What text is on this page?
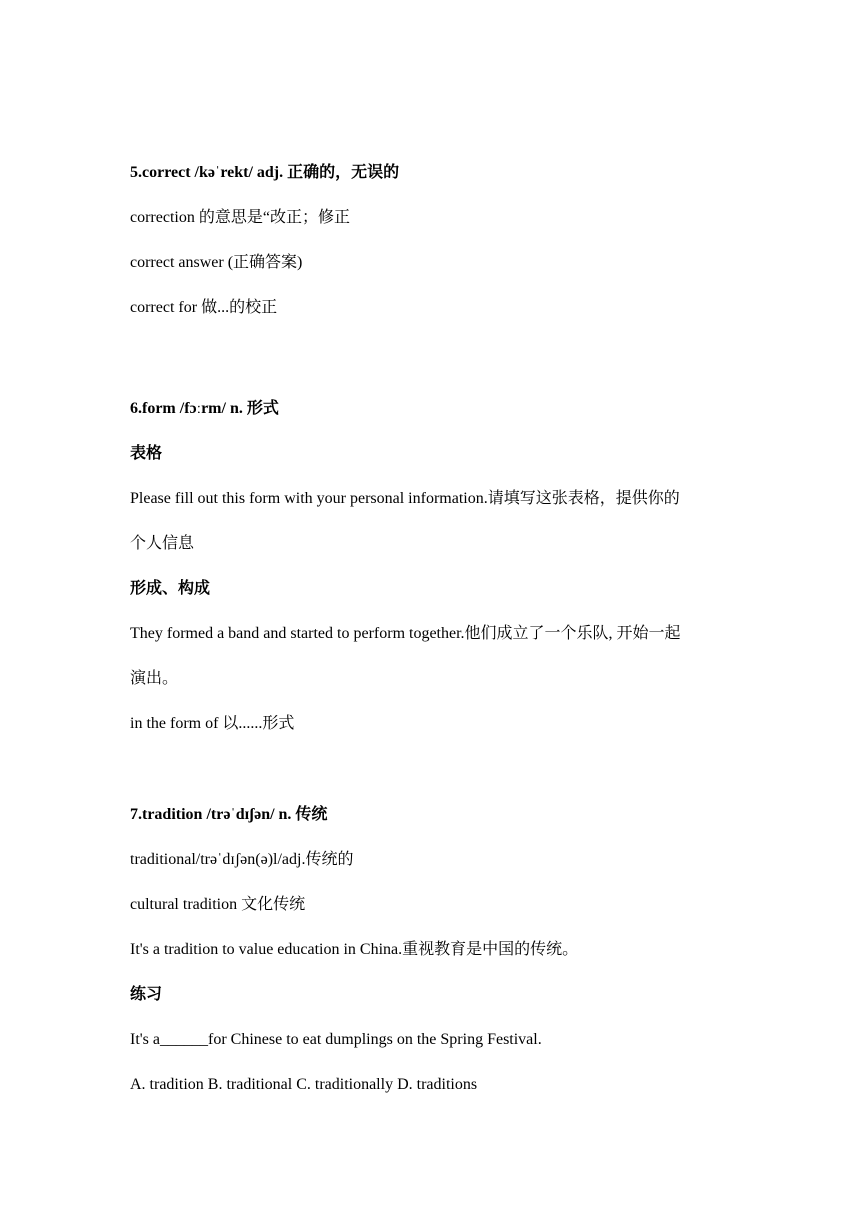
5.correct /kəˈrekt/ adj. 正确的，无误的
correction 的意思是“改正；修正
correct answer (正确答案)
correct for 做...的校正
6.form /fɔːrm/ n. 形式
表格
Please fill out this form with your personal information.请填写这张表格，提供你的
个人信息
形成、构成
They formed a band and started to perform together.他们成立了一个乐队, 开始一起
演出。
in the form of 以......形式
7.tradition /trəˈdɪʃən/ n. 传统
traditional/trəˈdɪʃən(ə)l/adj.传统的
cultural tradition 文化传统
It's a tradition to value education in China.重视教育是中国的传统。
练习
It's a______for Chinese to eat dumplings on the Spring Festival.
A. tradition B. traditional C. traditionally D. traditions
